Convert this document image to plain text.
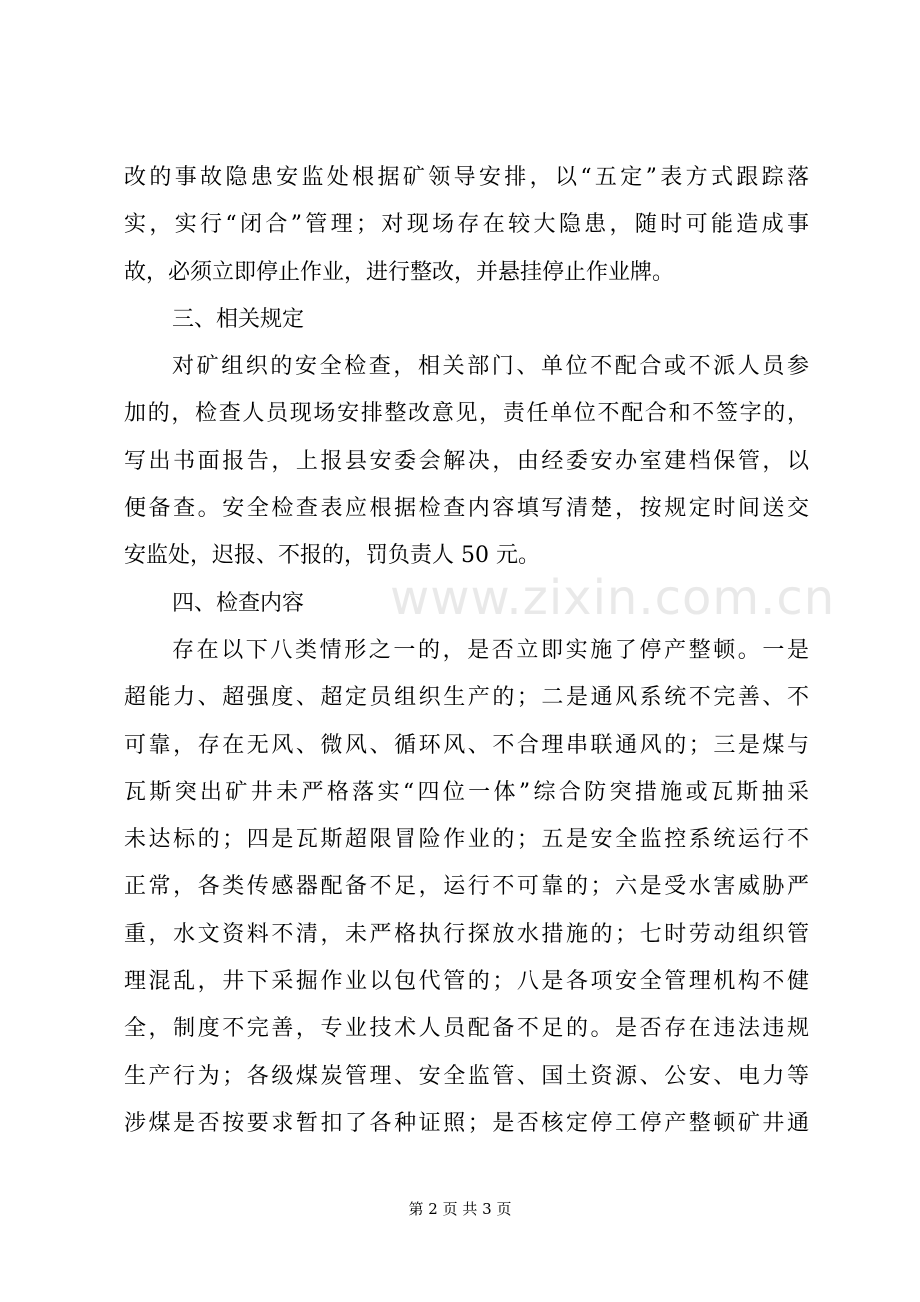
www.zixin.com.cn
改的事故隐患安监处根据矿领导安排，以“五定”表方式跟踪落
实，实行“闭合”管理；对现场存在较大隐患，随时可能造成事
故，必须立即停止作业，进行整改，并悬挂停止作业牌。
三、相关规定
对矿组织的安全检查，相关部门、单位不配合或不派人员参
加的，检查人员现场安排整改意见，责任单位不配合和不签字的，
写出书面报告，上报县安委会解决，由经委安办室建档保管，以
便备查。安全检查表应根据检查内容填写清楚，按规定时间送交
安监处，迟报、不报的，罚负责人 50 元。
四、检查内容
存在以下八类情形之一的，是否立即实施了停产整顿。一是
超能力、超强度、超定员组织生产的；二是通风系统不完善、不
可靠，存在无风、微风、循环风、不合理串联通风的；三是煤与
瓦斯突出矿井未严格落实“四位一体”综合防突措施或瓦斯抽采
未达标的；四是瓦斯超限冒险作业的；五是安全监控系统运行不
正常，各类传感器配备不足，运行不可靠的；六是受水害威胁严
重，水文资料不清，未严格执行探放水措施的；七时劳动组织管
理混乱，井下采掘作业以包代管的；八是各项安全管理机构不健
全，制度不完善，专业技术人员配备不足的。是否存在违法违规
生产行为；各级煤炭管理、安全监管、国土资源、公安、电力等
涉煤是否按要求暂扣了各种证照；是否核定停工停产整顿矿井通
第 2 页 共 3 页
